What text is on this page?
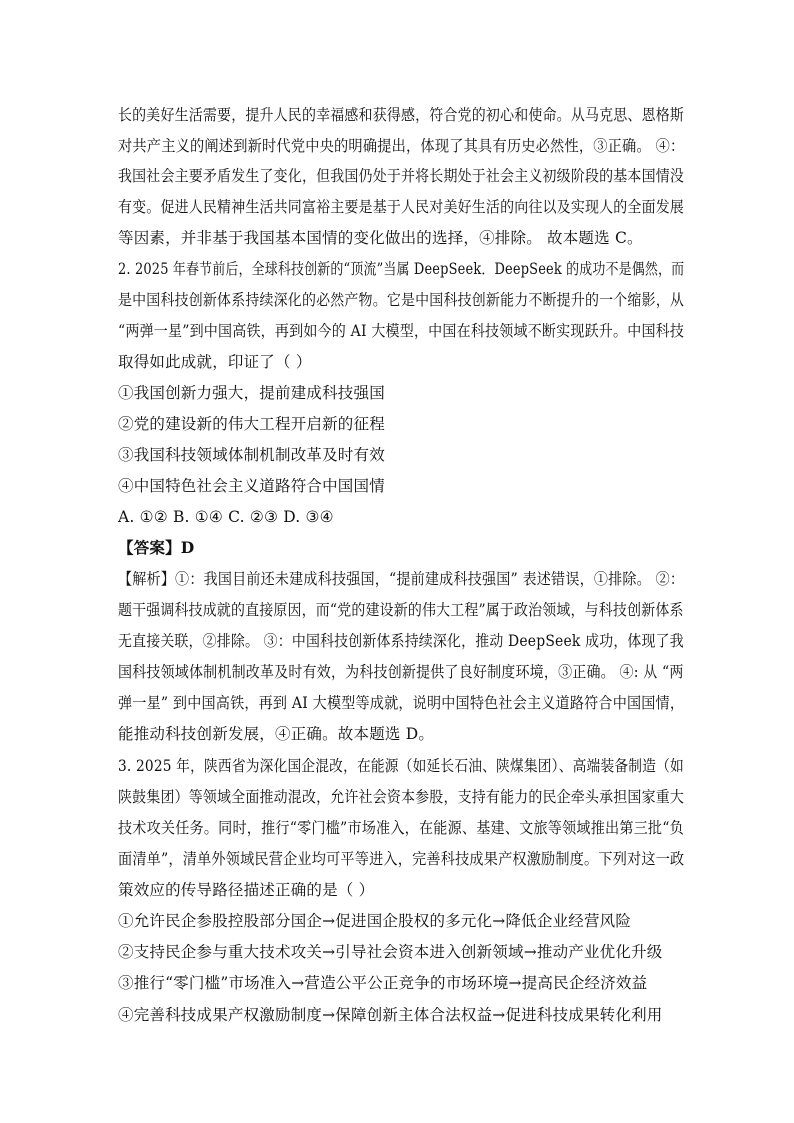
长的美好生活需要，提升人民的幸福感和获得感，符合党的初心和使命。从马克思、恩格斯
对共产主义的阐述到新时代党中央的明确提出，体现了其具有历史必然性，③正确。 ④：
我国社会主要矛盾发生了变化，但我国仍处于并将长期处于社会主义初级阶段的基本国情没
有变。促进人民精神生活共同富裕主要是基于人民对美好生活的向往以及实现人的全面发展
等因素，并非基于我国基本国情的变化做出的选择，④排除。 故本题选 C。
2. 2025 年春节前后，全球科技创新的“顶流”当属 DeepSeek．DeepSeek 的成功不是偶然，而
是中国科技创新体系持续深化的必然产物。它是中国科技创新能力不断提升的一个缩影，从
“两弹一星”到中国高铁，再到如今的 AI 大模型，中国在科技领域不断实现跃升。中国科技
取得如此成就，印证了（ ）
①我国创新力强大，提前建成科技强国
②党的建设新的伟大工程开启新的征程
③我国科技领域体制机制改革及时有效
④中国特色社会主义道路符合中国国情
A. ①② B. ①④ C. ②③ D. ③④
【答案】D
【解析】①：我国目前还未建成科技强国，“提前建成科技强国” 表述错误，①排除。 ②：
题干强调科技成就的直接原因，而“党的建设新的伟大工程”属于政治领域，与科技创新体系
无直接关联，②排除。 ③：中国科技创新体系持续深化，推动 DeepSeek 成功，体现了我
国科技领域体制机制改革及时有效，为科技创新提供了良好制度环境，③正确。 ④: 从 “两
弹一星” 到中国高铁，再到 AI 大模型等成就，说明中国特色社会主义道路符合中国国情，
能推动科技创新发展，④正确。故本题选 D。
3. 2025 年，陕西省为深化国企混改，在能源（如延长石油、陕煤集团）、高端装备制造（如
陕鼓集团）等领域全面推动混改，允许社会资本参股，支持有能力的民企牵头承担国家重大
技术攻关任务。同时，推行“零门槛”市场准入，在能源、基建、文旅等领域推出第三批“负
面清单”，清单外领域民营企业均可平等进入，完善科技成果产权激励制度。下列对这一政
策效应的传导路径描述正确的是（ ）
①允许民企参股控股部分国企→促进国企股权的多元化→降低企业经营风险
②支持民企参与重大技术攻关→引导社会资本进入创新领域→推动产业优化升级
③推行“零门槛”市场准入→营造公平公正竞争的市场环境→提高民企经济效益
④完善科技成果产权激励制度→保障创新主体合法权益→促进科技成果转化利用
